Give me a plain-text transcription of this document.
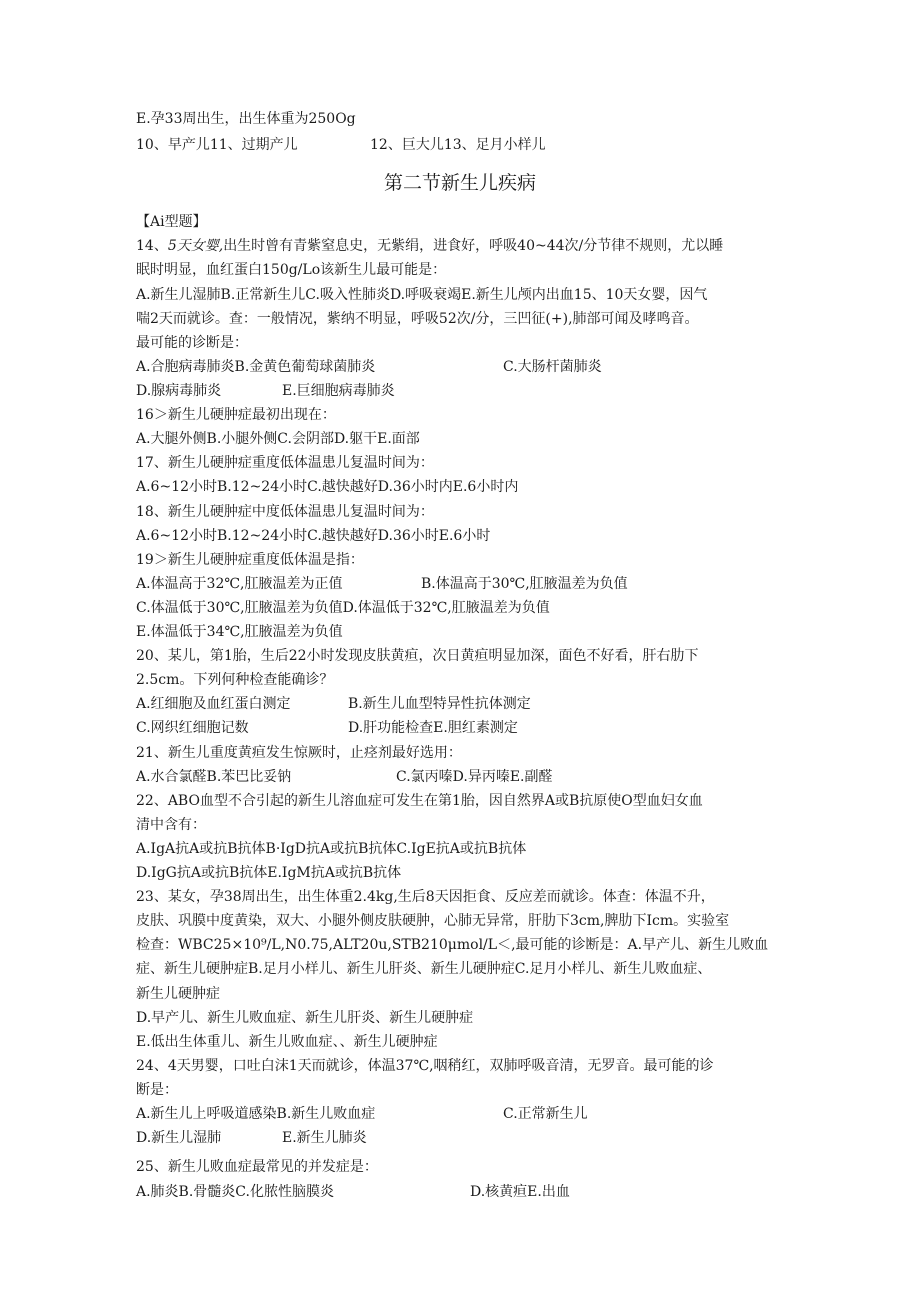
E.孕33周出生，出生体重为250Og
10、早产儿11、过期产儿	12、巨大儿13、足月小样儿
第二节新生儿疾病
【Ai型题】
14、5天女婴,出生时曾有青紫窒息史，无紫绢，进食好，呼吸40~44次/分节律不规则，尤以睡
眠时明显，血红蛋白150g/Lo该新生儿最可能是：
A.新生儿湿肺B.正常新生儿C.吸入性肺炎D.呼吸衰竭E.新生儿颅内出血15、10天女婴，因气
喘2天而就诊。查：一般情况，紫纳不明显，呼吸52次/分，三凹征(+),肺部可闻及哮鸣音。
最可能的诊断是：
A.合胞病毒肺炎B.金黄色葡萄球菌肺炎	C.大肠杆菌肺炎
D.腺病毒肺炎	E.巨细胞病毒肺炎
16＞新生儿硬肿症最初出现在：
A.大腿外侧B.小腿外侧C.会阴部D.躯干E.面部
17、新生儿硬肿症重度低体温患儿复温时间为：
A.6~12小时B.12~24小时C.越快越好D.36小时内E.6小时内
18、新生儿硬肿症中度低体温患儿复温时间为：
A.6~12小时B.12~24小时C.越快越好D.36小时E.6小时
19＞新生儿硬肿症重度低体温是指：
A.体温高于32℃,肛腋温差为正值	B.体温高于30℃,肛腋温差为负值
C.体温低于30℃,肛腋温差为负值D.体温低于32℃,肛腋温差为负值
E.体温低于34℃,肛腋温差为负值
20、某儿，第1胎，生后22小时发现皮肤黄疸，次日黄疸明显加深，面色不好看，肝右肋下
2.5cm。下列何种检查能确诊？
A.红细胞及血红蛋白测定	B.新生儿血型特异性抗体测定
C.网织红细胞记数	D.肝功能检查E.胆红素测定
21、新生儿重度黄疸发生惊厥时，止痉剂最好选用：
A.水合氯醛B.苯巴比妥钠	C.氯丙嗪D.异丙嗪E.副醛
22、ABO血型不合引起的新生儿溶血症可发生在第1胎，因自然界A或B抗原使O型血妇女血
清中含有：
A.IgA抗A或抗B抗体B·IgD抗A或抗B抗体C.IgE抗A或抗B抗体
D.IgG抗A或抗B抗体E.IgM抗A或抗B抗体
23、某女，孕38周出生，出生体重2.4kg,生后8天因拒食、反应差而就诊。体查：体温不升，
皮肤、巩膜中度黄染，双大、小腿外侧皮肤硬肿，心肺无异常，肝肋下3cm,脾肋下Icm。实验室
检查：WBC25×10⁹/L,N0.75,ALT20u,STB210μmol/L＜,最可能的诊断是：A.早产儿、新生儿败血
症、新生儿硬肿症B.足月小样儿、新生儿肝炎、新生儿硬肿症C.足月小样儿、新生儿败血症、
新生儿硬肿症
D.早产儿、新生儿败血症、新生儿肝炎、新生儿硬肿症
E.低出生体重儿、新生儿败血症、、新生儿硬肿症
24、4天男婴，口吐白沫1天而就诊，体温37℃,咽稍红，双肺呼吸音清，无罗音。最可能的诊
断是：
A.新生儿上呼吸道感染B.新生儿败血症	C.正常新生儿
D.新生儿湿肺	E.新生儿肺炎
25、新生儿败血症最常见的并发症是：
A.肺炎B.骨髓炎C.化脓性脑膜炎	D.核黄疸E.出血
